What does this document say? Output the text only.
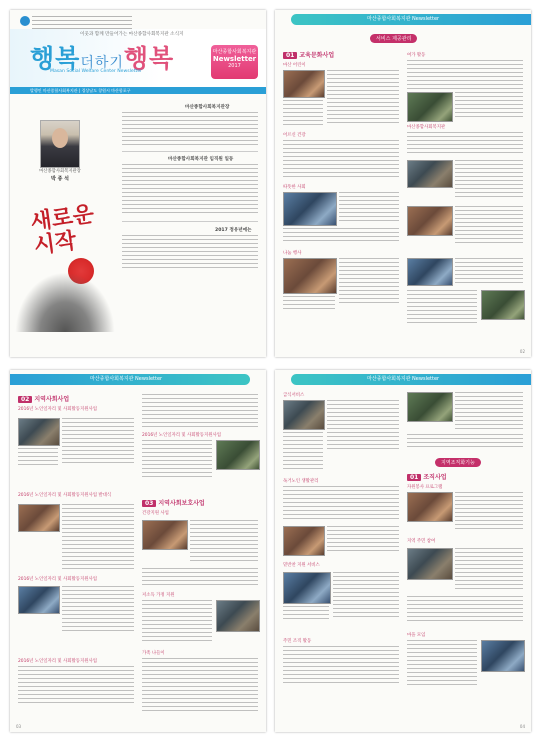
이웃과 함께 만들어가는 마산종합사회복지관 소식지
행복더하기행복
Masan Social Welfare Center Newsletter
마산종합사회복지관
Newsletter
2017
발행인 마산종합사회복지관 | 경상남도 창원시 마산합포구
마산종합사회복지관장
박 종 석
마산종합사회복지관장
마산종합사회복지관 임직원 일동
2017 정유년에는
새로운
시작
마산종합사회복지관 Newsletter
서비스 제공관리
01 교육문화사업
마산 어린이
어르신 건강
따뜻한 사회
나눔 행사
여가 활동
마산종합사회복지관
02
마산종합사회복지관 Newsletter
02 지역사회사업
2016년 노인일자리 및 사회활동지원사업
2016년 노인일자리 및 사회활동지원사업 발대식
2016년 노인일자리 및 사회활동지원사업
2016년 노인일자리 및 사회활동지원사업
2016년 노인일자리 및 사회활동지원사업
03 지역사회보호사업
건강지원 사업
저소득 가정 지원
가족 나들이
03
마산종합사회복지관 Newsletter
급식서비스
독거노인 생활관리
밑반찬 지원 서비스
주민 조직 활동
지역조직화기능
01 조직사업
자원봉사 프로그램
지역 주민 참여
마을 모임
04
